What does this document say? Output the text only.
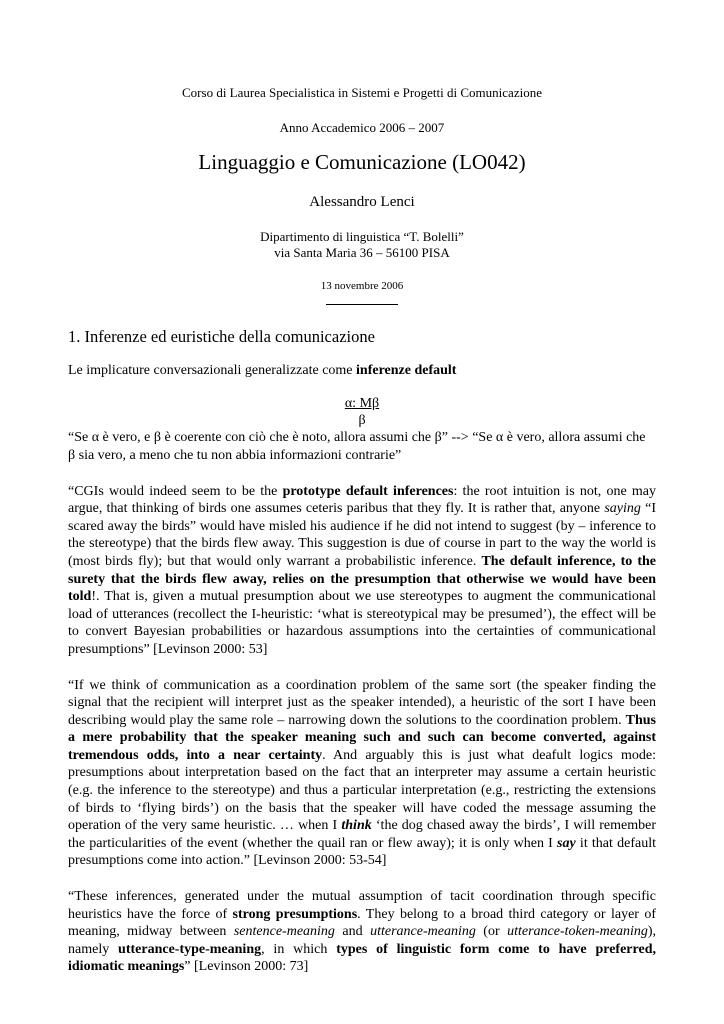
Corso di Laurea Specialistica in Sistemi e Progetti di Comunicazione

Anno Accademico 2006 – 2007

Linguaggio e Comunicazione (LO042)

Alessandro Lenci

Dipartimento di linguistica “T. Bolelli”
via Santa Maria 36 – 56100 PISA

13 novembre 2006

1. Inferenze ed euristiche della comunicazione

Le implicature conversazionali generalizzate come inferenze default

α: Mβ
β

“Se α è vero, e β è coerente con ciò che è noto, allora assumi che β” --> “Se α è vero, allora assumi che β sia vero, a meno che tu non abbia informazioni contrarie”

“CGIs would indeed seem to be the prototype default inferences: the root intuition is not, one may argue, that thinking of birds one assumes ceteris paribus that they fly. It is rather that, anyone saying “I scared away the birds” would have misled his audience if he did not intend to suggest (by – inference to the stereotype) that the birds flew away. This suggestion is due of course in part to the way the world is (most birds fly); but that would only warrant a probabilistic inference. The default inference, to the surety that the birds flew away, relies on the presumption that otherwise we would have been told!. That is, given a mutual presumption about we use stereotypes to augment the communicational load of utterances (recollect the I-heuristic: ‘what is stereotypical may be presumed’), the effect will be to convert Bayesian probabilities or hazardous assumptions into the certainties of communicational presumptions” [Levinson 2000: 53]

“If we think of communication as a coordination problem of the same sort (the speaker finding the signal that the recipient will interpret just as the speaker intended), a heuristic of the sort I have been describing would play the same role – narrowing down the solutions to the coordination problem. Thus a mere probability that the speaker meaning such and such can become converted, against tremendous odds, into a near certainty. And arguably this is just what deafult logics mode: presumptions about interpretation based on the fact that an interpreter may assume a certain heuristic (e.g. the inference to the stereotype) and thus a particular interpretation (e.g., restricting the extensions of birds to ‘flying birds’) on the basis that the speaker will have coded the message assuming the operation of the very same heuristic. … when I think ‘the dog chased away the birds’, I will remember the particularities of the event (whether the quail ran or flew away); it is only when I say it that default presumptions come into action.” [Levinson 2000: 53-54]

“These inferences, generated under the mutual assumption of tacit coordination through specific heuristics have the force of strong presumptions. They belong to a broad third category or layer of meaning, midway between sentence-meaning and utterance-meaning (or utterance-token-meaning), namely utterance-type-meaning, in which types of linguistic form come to have preferred, idiomatic meanings” [Levinson 2000: 73]
